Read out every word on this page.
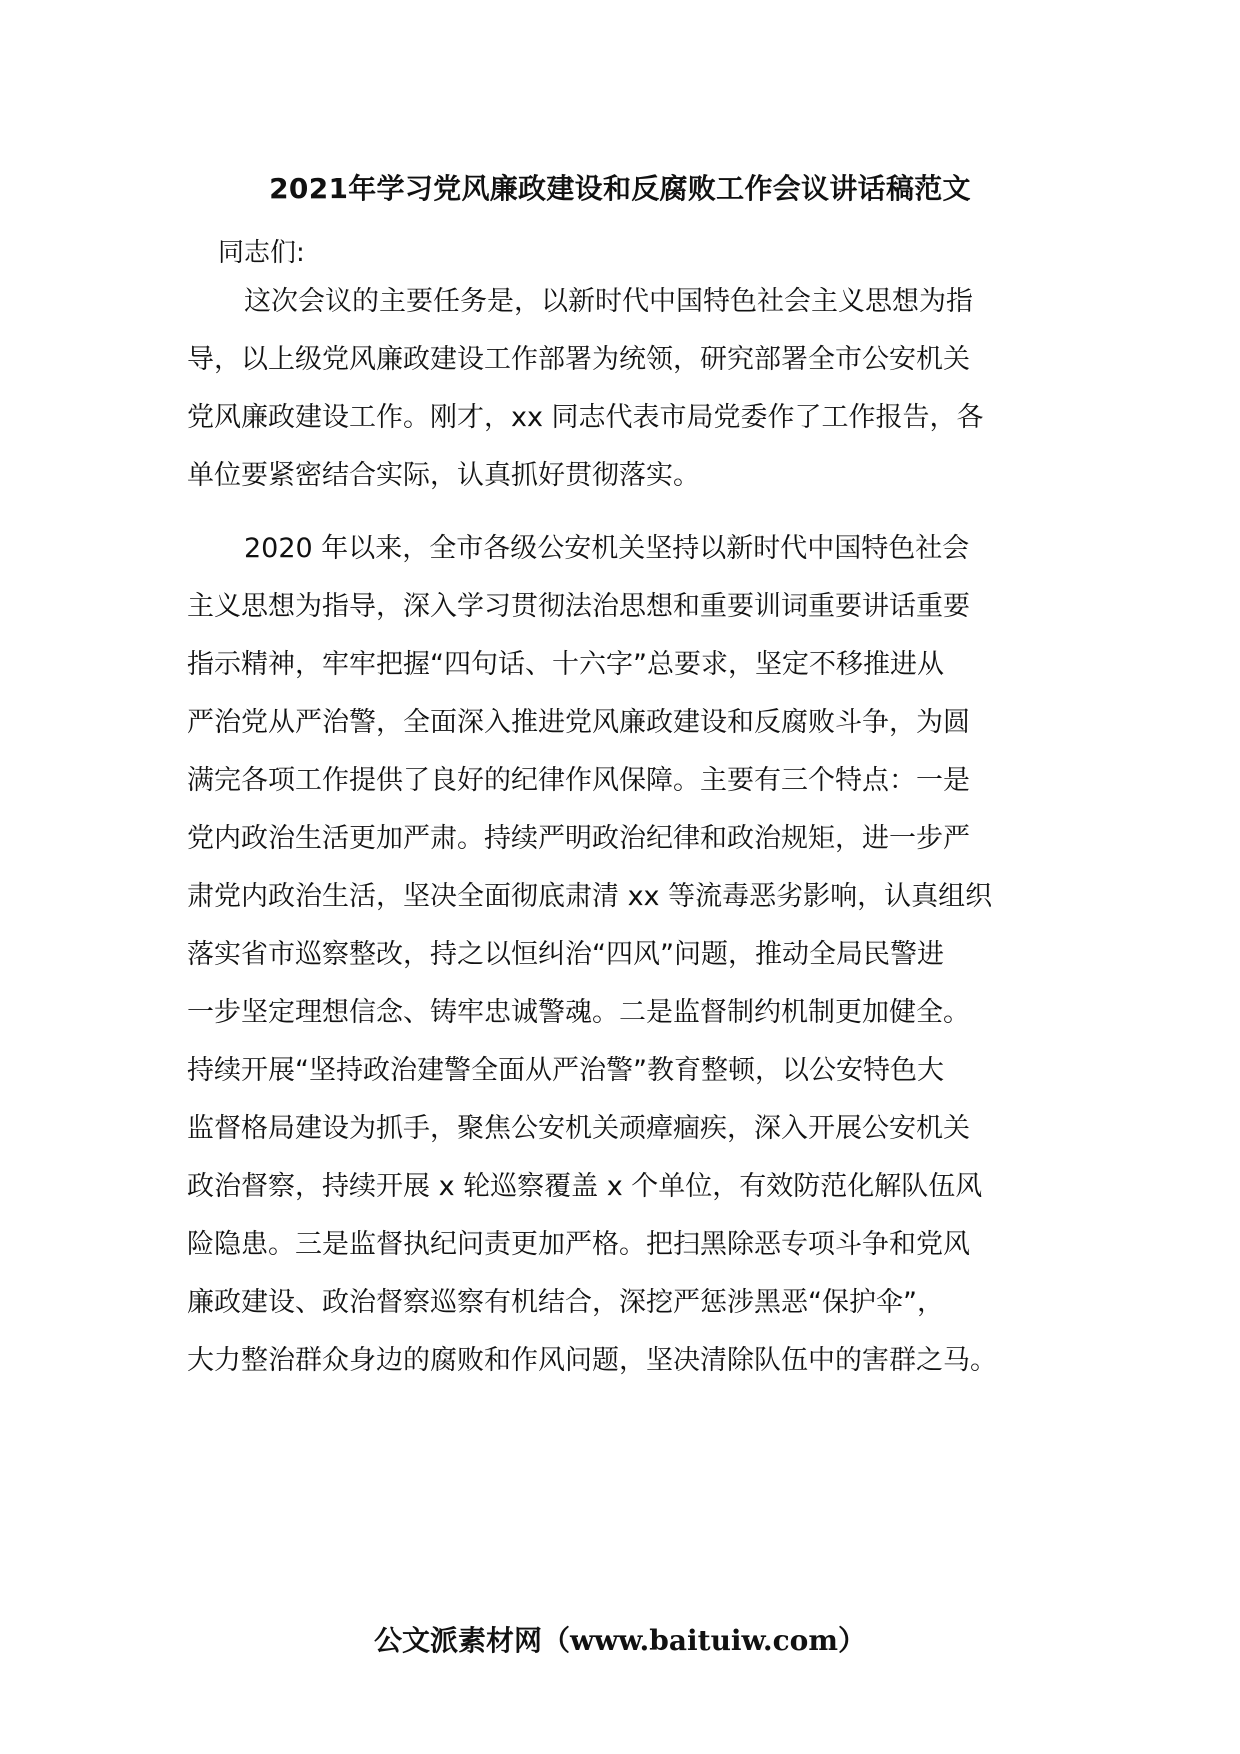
2021年学习党风廉政建设和反腐败工作会议讲话稿范文
同志们:
这次会议的主要任务是，以新时代中国特色社会主义思想为指
导，以上级党风廉政建设工作部署为统领，研究部署全市公安机关
党风廉政建设工作。刚才，xx 同志代表市局党委作了工作报告，各
单位要紧密结合实际，认真抓好贯彻落实。
2020 年以来，全市各级公安机关坚持以新时代中国特色社会
主义思想为指导，深入学习贯彻法治思想和重要训词重要讲话重要
指示精神，牢牢把握“四句话、十六字”总要求，坚定不移推进从
严治党从严治警，全面深入推进党风廉政建设和反腐败斗争，为圆
满完各项工作提供了良好的纪律作风保障。主要有三个特点：一是
党内政治生活更加严肃。持续严明政治纪律和政治规矩，进一步严
肃党内政治生活，坚决全面彻底肃清 xx 等流毒恶劣影响，认真组织
落实省市巡察整改，持之以恒纠治“四风”问题，推动全局民警进
一步坚定理想信念、铸牢忠诚警魂。二是监督制约机制更加健全。
持续开展“坚持政治建警全面从严治警”教育整顿，以公安特色大
监督格局建设为抓手，聚焦公安机关顽瘴痼疾，深入开展公安机关
政治督察，持续开展 x 轮巡察覆盖 x 个单位，有效防范化解队伍风
险隐患。三是监督执纪问责更加严格。把扫黑除恶专项斗争和党风
廉政建设、政治督察巡察有机结合，深挖严惩涉黑恶“保护伞”，
大力整治群众身边的腐败和作风问题，坚决清除队伍中的害群之马。
公文派素材网（www.baituiw.com）
